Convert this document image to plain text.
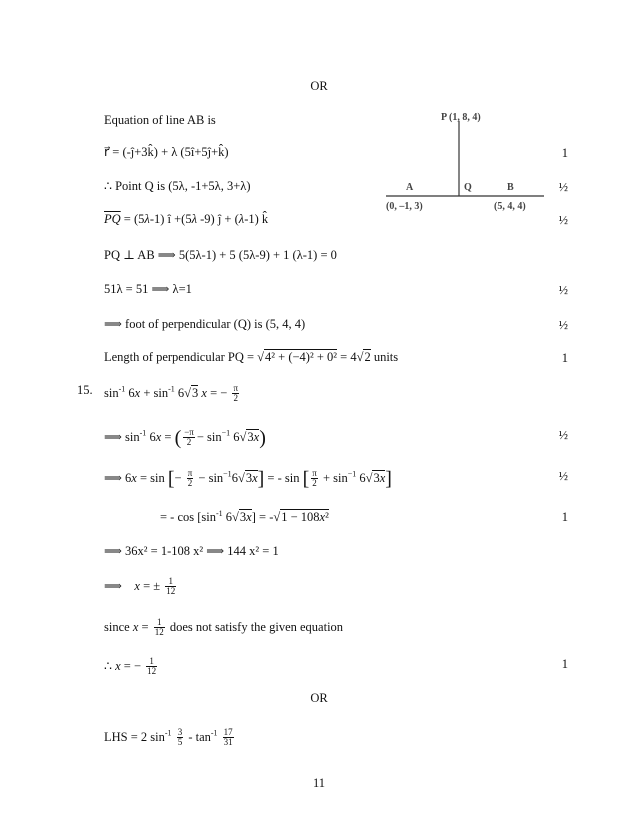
OR
Equation of line AB is	P (1, 8, 4)
A	Q	B
(0, –1, 3)	(5, 4, 4)
r⃗ = (-ĵ+3k̂) + λ (5î+5ĵ+k̂)	1
∴ Point Q is (5λ, -1+5λ, 3+λ)	½
$\overline{PQ} = (5\lambda-1)$ î +(5λ -9) ĵ + (λ-1) k̂	½
PQ ⊥ AB ⟹ 5(5λ-1) + 5 (5λ-9) + 1 (λ-1) = 0
51λ = 51 ⟹ λ=1	½
⟹ foot of perpendicular (Q) is (5, 4, 4)	½
Length of perpendicular PQ = √4² + (−4)² + 0² = 4√2 units	1
15. $\sin^{-1} 6x + \sin^{-1} 6√3$ x = − $\frac{\pi}{2}$
⟹ $\sin^{-1} 6x$ = ( $\frac{-\pi}{2} - \sin^{-1} 6√3x$)	½
⟹ 6x = sin [− $\frac{\pi}{2} - \sin^{-1}6√3x$] = - sin [ $\frac{\pi}{2} + \sin^{-1} 6√3x$]	½
= - $\cos [\sin^{-1}$ 6√3x] = -√1 − 108x²	1
⟹ 36x² = 1-108 x² ⟹ 144 x² = 1
⟹    x = ± $\frac{1}{12}$
since $x = \frac{1}{12}$ does not satisfy the given equation
∴ x = − $\frac{1}{12}$	1
OR
LHS = 2 $\sin^{-1} \frac{3}{5} - \tan^{-1} \frac{17}{31}$
11
